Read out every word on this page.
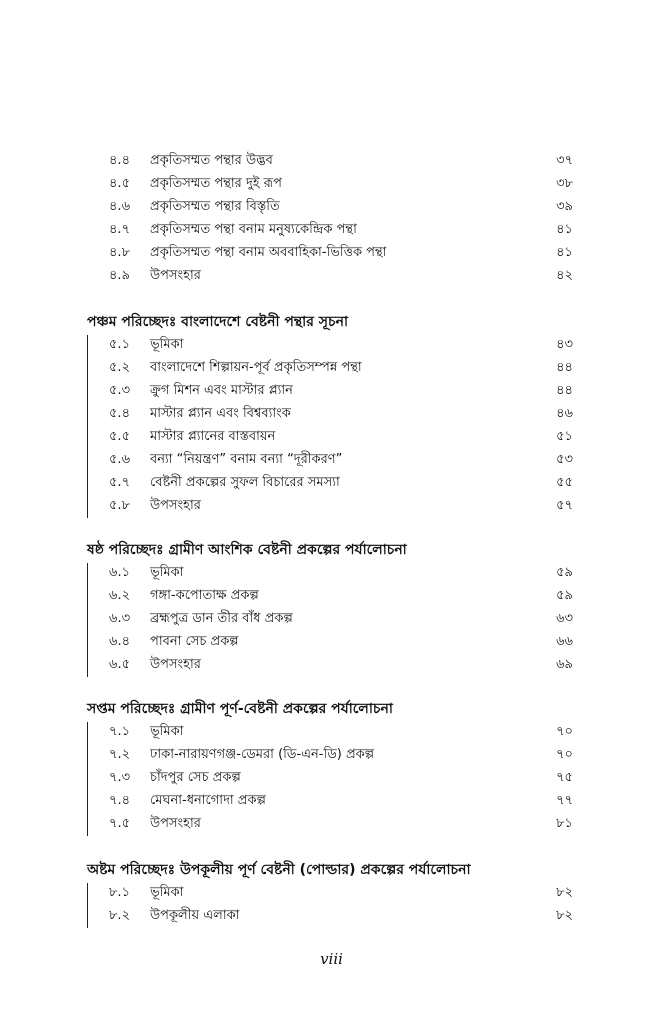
৪.৪ প্রকৃতিসম্মত পন্থার উদ্ভব	৩৭
৪.৫ প্রকৃতিসম্মত পন্থার দুই রূপ	৩৮
৪.৬ প্রকৃতিসম্মত পন্থার বিস্তৃতি	৩৯
৪.৭ প্রকৃতিসম্মত পন্থা বনাম মনুষ্যকেন্দ্রিক পন্থা	৪১
৪.৮ প্রকৃতিসম্মত পন্থা বনাম অববাহিকা-ভিত্তিক পন্থা	৪১
৪.৯ উপসংহার	৪২
পঞ্চম পরিচ্ছেদঃ বাংলাদেশে বেষ্টনী পন্থার সূচনা
৫.১ ভূমিকা	৪৩
৫.২ বাংলাদেশে শিল্পায়ন-পূর্ব প্রকৃতিসম্পন্ন পন্থা	৪৪
৫.৩ ক্রুগ মিশন এবং মাস্টার প্ল্যান	৪৪
৫.৪ মাস্টার প্ল্যান এবং বিশ্বব্যাংক	৪৬
৫.৫ মাস্টার প্ল্যানের বাস্তবায়ন	৫১
৫.৬ বন্যা “নিয়ন্ত্রণ” বনাম বন্যা “দূরীকরণ”	৫৩
৫.৭ বেষ্টনী প্রকল্পের সুফল বিচারের সমস্যা	৫৫
৫.৮ উপসংহার	৫৭
ষষ্ঠ পরিচ্ছেদঃ গ্রামীণ আংশিক বেষ্টনী প্রকল্পের পর্যালোচনা
৬.১ ভূমিকা	৫৯
৬.২ গঙ্গা-কপোতাক্ষ প্রকল্প	৫৯
৬.৩ ব্রহ্মপুত্র ডান তীর বাঁধ প্রকল্প	৬৩
৬.৪ পাবনা সেচ প্রকল্প	৬৬
৬.৫ উপসংহার	৬৯
সপ্তম পরিচ্ছেদঃ গ্রামীণ পূর্ণ-বেষ্টনী প্রকল্পের পর্যালোচনা
৭.১ ভূমিকা	৭০
৭.২ ঢাকা-নারায়ণগঞ্জ-ডেমরা (ডি-এন-ডি) প্রকল্প	৭০
৭.৩ চাঁদপুর সেচ প্রকল্প	৭৫
৭.৪ মেঘনা-ধনাগোদা প্রকল্প	৭৭
৭.৫ উপসংহার	৮১
অষ্টম পরিচ্ছেদঃ উপকূলীয় পূর্ণ বেষ্টনী (পোল্ডার) প্রকল্পের পর্যালোচনা
৮.১ ভূমিকা	৮২
৮.২ উপকূলীয় এলাকা	৮২
viii
